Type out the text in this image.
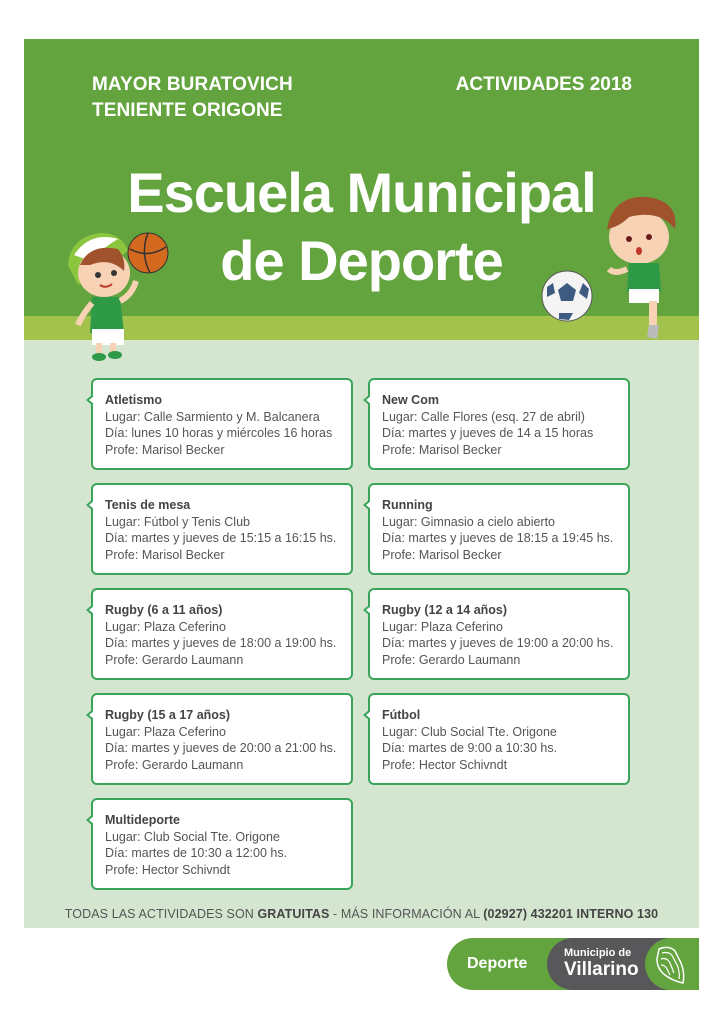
MAYOR BURATOVICH
TENIENTE ORIGONE
ACTIVIDADES 2018
Escuela Municipal
de Deporte
Atletismo
Lugar: Calle Sarmiento y M. Balcanera
Día: lunes 10 horas y miércoles 16 horas
Profe: Marisol Becker
New Com
Lugar: Calle Flores (esq. 27 de abril)
Día: martes y jueves de 14 a 15 horas
Profe: Marisol Becker
Tenis de mesa
Lugar: Fútbol y Tenis Club
Día: martes y jueves de 15:15 a 16:15 hs.
Profe: Marisol Becker
Running
Lugar: Gimnasio a cielo abierto
Día: martes y jueves de 18:15 a 19:45 hs.
Profe: Marisol Becker
Rugby (6 a 11 años)
Lugar: Plaza Ceferino
Día: martes y jueves de 18:00 a 19:00 hs.
Profe: Gerardo Laumann
Rugby (12 a 14 años)
Lugar: Plaza Ceferino
Día: martes y jueves de 19:00 a 20:00 hs.
Profe: Gerardo Laumann
Rugby (15 a 17 años)
Lugar: Plaza Ceferino
Día: martes y jueves de 20:00 a 21:00 hs.
Profe: Gerardo Laumann
Fútbol
Lugar: Club Social Tte. Origone
Día: martes de 9:00 a 10:30 hs.
Profe: Hector Schivndt
Multideporte
Lugar: Club Social Tte. Origone
Día: martes de 10:30 a 12:00 hs.
Profe: Hector Schivndt
TODAS LAS ACTIVIDADES SON GRATUITAS - MÁS INFORMACIÓN AL (02927) 432201 INTERNO 130
Deporte
Municipio de
Villarino
